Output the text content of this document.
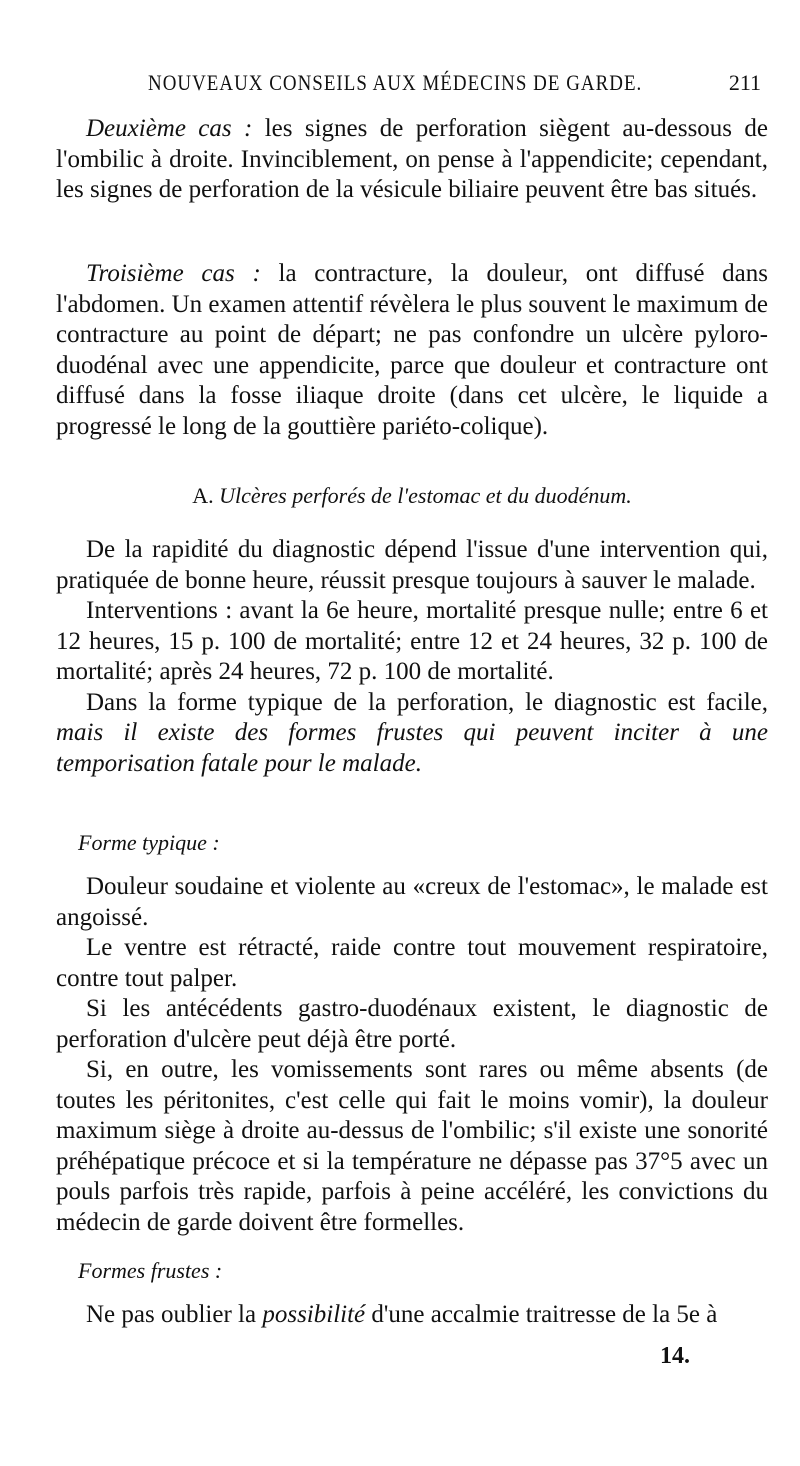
NOUVEAUX CONSEILS AUX MÉDECINS DE GARDE.	211

Deuxième cas : les signes de perforation siègent au-dessous de l'ombilic à droite. Invinciblement, on pense à l'appendicite; cependant, les signes de perforation de la vésicule biliaire peuvent être bas situés.

Troisième cas : la contracture, la douleur, ont diffusé dans l'abdomen. Un examen attentif révèlera le plus souvent le maximum de contracture au point de départ; ne pas confondre un ulcère pyloro-duodénal avec une appendicite, parce que douleur et contracture ont diffusé dans la fosse iliaque droite (dans cet ulcère, le liquide a progressé le long de la gouttière pariéto-colique).

A. Ulcères perforés de l'estomac et du duodénum.

De la rapidité du diagnostic dépend l'issue d'une intervention qui, pratiquée de bonne heure, réussit presque toujours à sauver le malade.

Interventions : avant la 6e heure, mortalité presque nulle; entre 6 et 12 heures, 15 p. 100 de mortalité; entre 12 et 24 heures, 32 p. 100 de mortalité; après 24 heures, 72 p. 100 de mortalité.

Dans la forme typique de la perforation, le diagnostic est facile, mais il existe des formes frustes qui peuvent inciter à une temporisation fatale pour le malade.

Forme typique :

Douleur soudaine et violente au «creux de l'estomac», le malade est angoissé.

Le ventre est rétracté, raide contre tout mouvement respiratoire, contre tout palper.

Si les antécédents gastro-duodénaux existent, le diagnostic de perforation d'ulcère peut déjà être porté.

Si, en outre, les vomissements sont rares ou même absents (de toutes les péritonites, c'est celle qui fait le moins vomir), la douleur maximum siège à droite au-dessus de l'ombilic; s'il existe une sonorité préhépatique précoce et si la température ne dépasse pas 37°5 avec un pouls parfois très rapide, parfois à peine accéléré, les convictions du médecin de garde doivent être formelles.

Formes frustes :

Ne pas oublier la possibilité d'une accalmie traitresse de la 5e à

14.
